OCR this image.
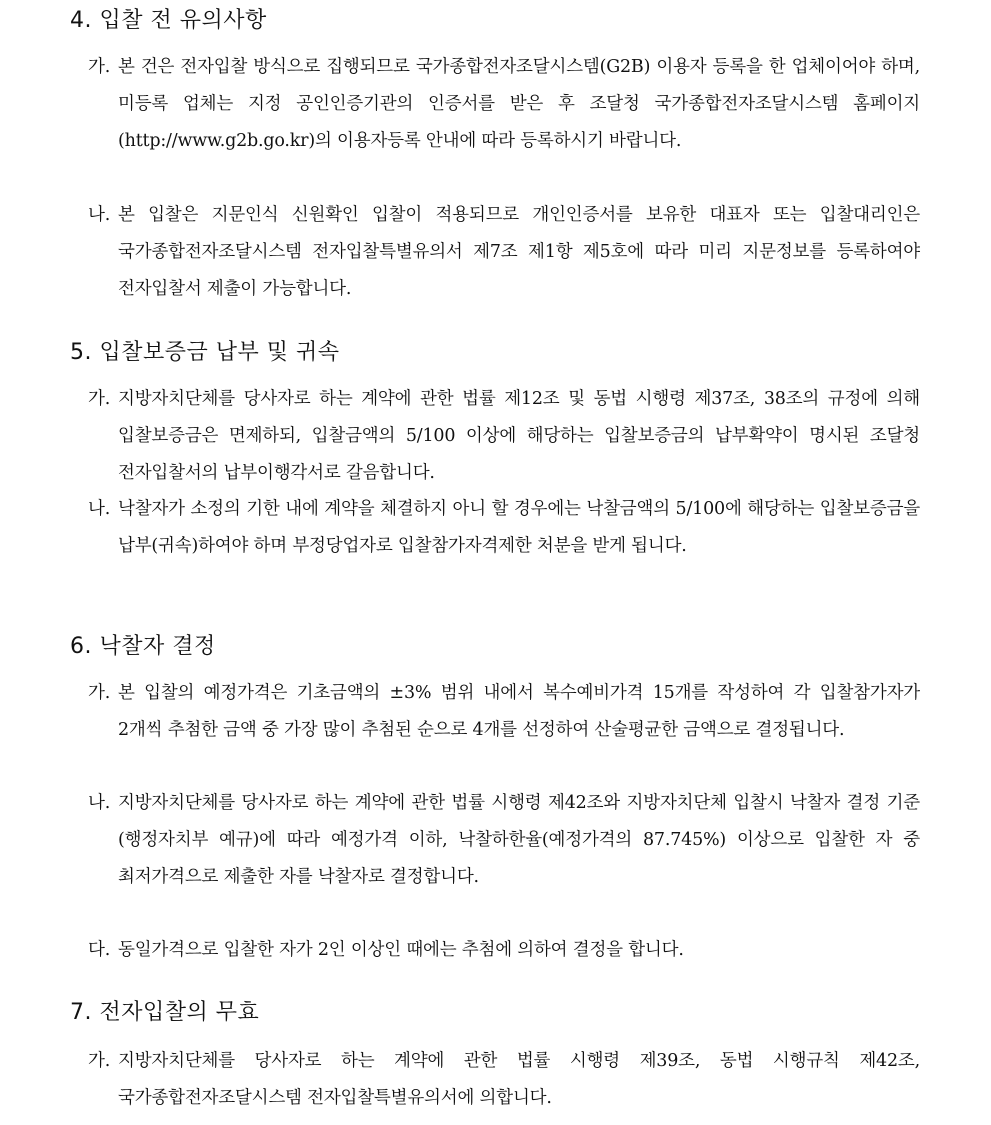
4. 입찰 전 유의사항
가. 본 건은 전자입찰 방식으로 집행되므로 국가종합전자조달시스템(G2B) 이용자 등록을 한 업체이어야 하며, 미등록 업체는 지정 공인인증기관의 인증서를 받은 후 조달청 국가종합전자조달시스템 홈페이지(http://www.g2b.go.kr)의 이용자등록 안내에 따라 등록하시기 바랍니다.
나. 본 입찰은 지문인식 신원확인 입찰이 적용되므로 개인인증서를 보유한 대표자 또는 입찰대리인은 국가종합전자조달시스템 전자입찰특별유의서 제7조 제1항 제5호에 따라 미리 지문정보를 등록하여야 전자입찰서 제출이 가능합니다.
5. 입찰보증금 납부 및 귀속
가. 지방자치단체를 당사자로 하는 계약에 관한 법률 제12조 및 동법 시행령 제37조, 38조의 규정에 의해 입찰보증금은 면제하되, 입찰금액의 5/100 이상에 해당하는 입찰보증금의 납부확약이 명시된 조달청 전자입찰서의 납부이행각서로 갈음합니다.
나. 낙찰자가 소정의 기한 내에 계약을 체결하지 아니 할 경우에는 낙찰금액의 5/100에 해당하는 입찰보증금을 납부(귀속)하여야 하며 부정당업자로 입찰참가자격제한 처분을 받게 됩니다.
6. 낙찰자 결정
가. 본 입찰의 예정가격은 기초금액의 ±3% 범위 내에서 복수예비가격 15개를 작성하여 각 입찰참가자가 2개씩 추첨한 금액 중 가장 많이 추첨된 순으로 4개를 선정하여 산술평균한 금액으로 결정됩니다.
나. 지방자치단체를 당사자로 하는 계약에 관한 법률 시행령 제42조와 지방자치단체 입찰시 낙찰자 결정 기준(행정자치부 예규)에 따라 예정가격 이하, 낙찰하한율(예정가격의 87.745%) 이상으로 입찰한 자 중 최저가격으로 제출한 자를 낙찰자로 결정합니다.
다. 동일가격으로 입찰한 자가 2인 이상인 때에는 추첨에 의하여 결정을 합니다.
7. 전자입찰의 무효
가. 지방자치단체를 당사자로 하는 계약에 관한 법률 시행령 제39조, 동법 시행규칙 제42조, 국가종합전자조달시스템 전자입찰특별유의서에 의합니다.
